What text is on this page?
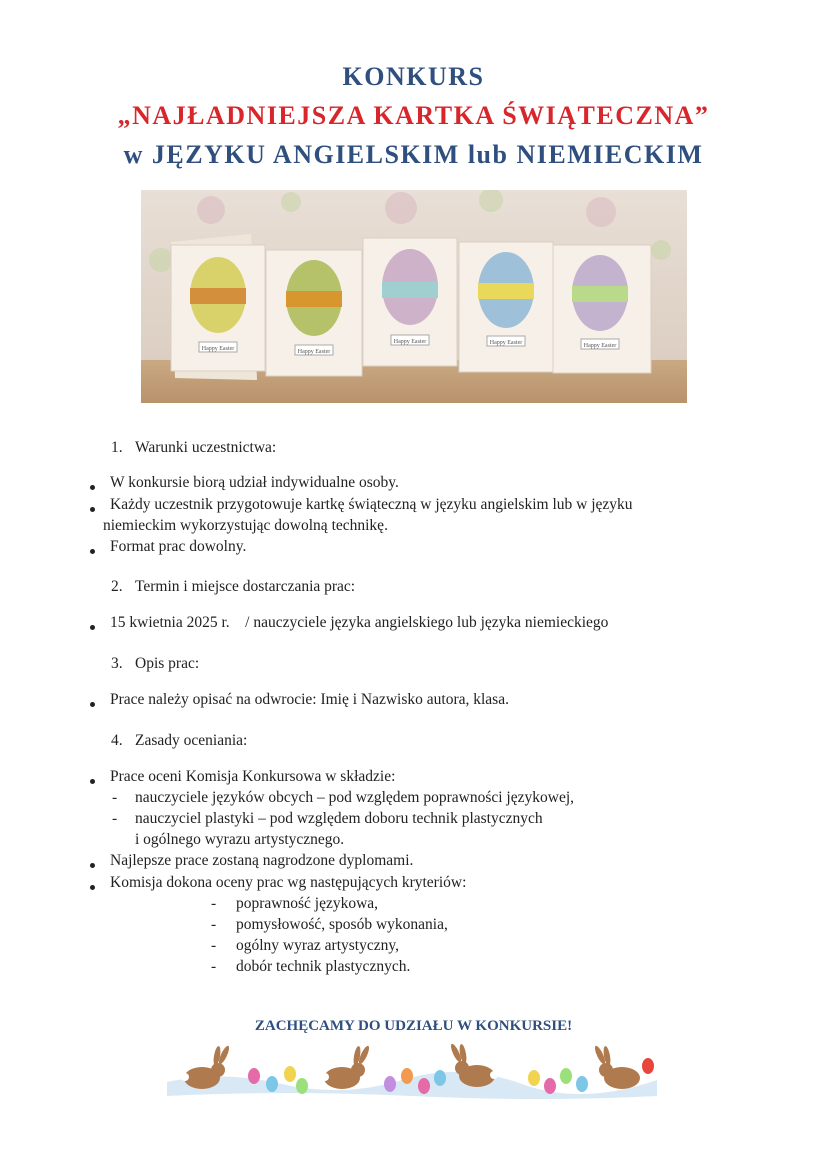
KONKURS
„NAJŁADNIEJSZA KARTKA ŚWIĄTECZNA”
w JĘZYKU ANGIELSKIM lub NIEMIECKIM
Happy Easter	Happy Easter
Happy Easter	Happy Easter	Happy Easter
1. Warunki uczestnictwa:
W konkursie biorą udział indywidualne osoby.
Każdy uczestnik przygotowuje kartkę świąteczną w języku angielskim lub w języku
niemieckim wykorzystując dowolną technikę.
Format prac dowolny.
2. Termin i miejsce dostarczania prac:
15 kwietnia 2025 r.    / nauczyciele języka angielskiego lub języka niemieckiego
3. Opis prac:
Prace należy opisać na odwrocie: Imię i Nazwisko autora, klasa.
4. Zasady oceniania:
Prace oceni Komisja Konkursowa w składzie:
- nauczyciele języków obcych – pod względem poprawności językowej,
- nauczyciel plastyki – pod względem doboru technik plastycznych
i ogólnego wyrazu artystycznego.
Najlepsze prace zostaną nagrodzone dyplomami.
Komisja dokona oceny prac wg następujących kryteriów:
- poprawność językowa,
- pomysłowość, sposób wykonania,
- ogólny wyraz artystyczny,
- dobór technik plastycznych.
ZACHĘCAMY DO UDZIAŁU W KONKURSIE!
